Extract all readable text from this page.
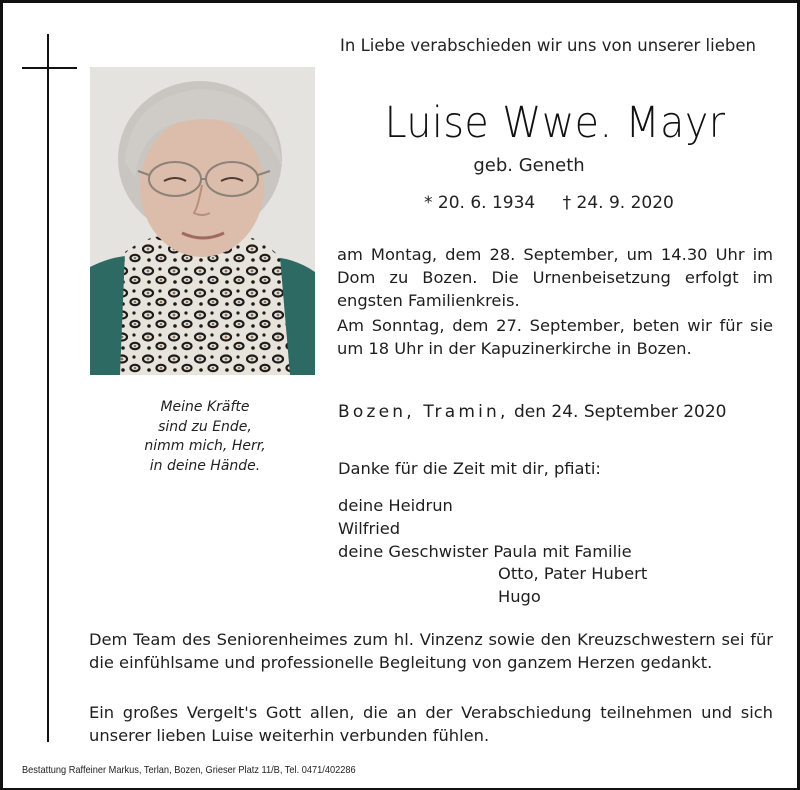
Meine Kräfte
sind zu Ende,
nimm mich, Herr,
in deine Hände.
In Liebe verabschieden wir uns von unserer lieben
Luise Wwe. Mayr
geb. Geneth
* 20. 6. 1934 † 24. 9. 2020

am Montag, dem 28. September, um 14.30 Uhr im Dom zu Bozen. Die Urnenbeisetzung erfolgt im engsten Familienkreis.

Am Sonntag, dem 27. September, beten wir für sie um 18 Uhr in der Kapuzinerkirche in Bozen.

Bozen, Tramin, den 24. September 2020
Danke für die Zeit mit dir, pfiati:
deine Heidrun
Wilfried
deine Geschwister Paula mit Familie
Otto, Pater Hubert
Hugo
Dem Team des Seniorenheimes zum hl. Vinzenz sowie den Kreuzschwestern sei für die einfühlsame und professionelle Begleitung von ganzem Herzen gedankt.
Ein großes Vergelt's Gott allen, die an der Verabschiedung teilnehmen und sich unserer lieben Luise weiterhin verbunden fühlen.
Bestattung Raffeiner Markus, Terlan, Bozen, Grieser Platz 11/B, Tel. 0471/402286
